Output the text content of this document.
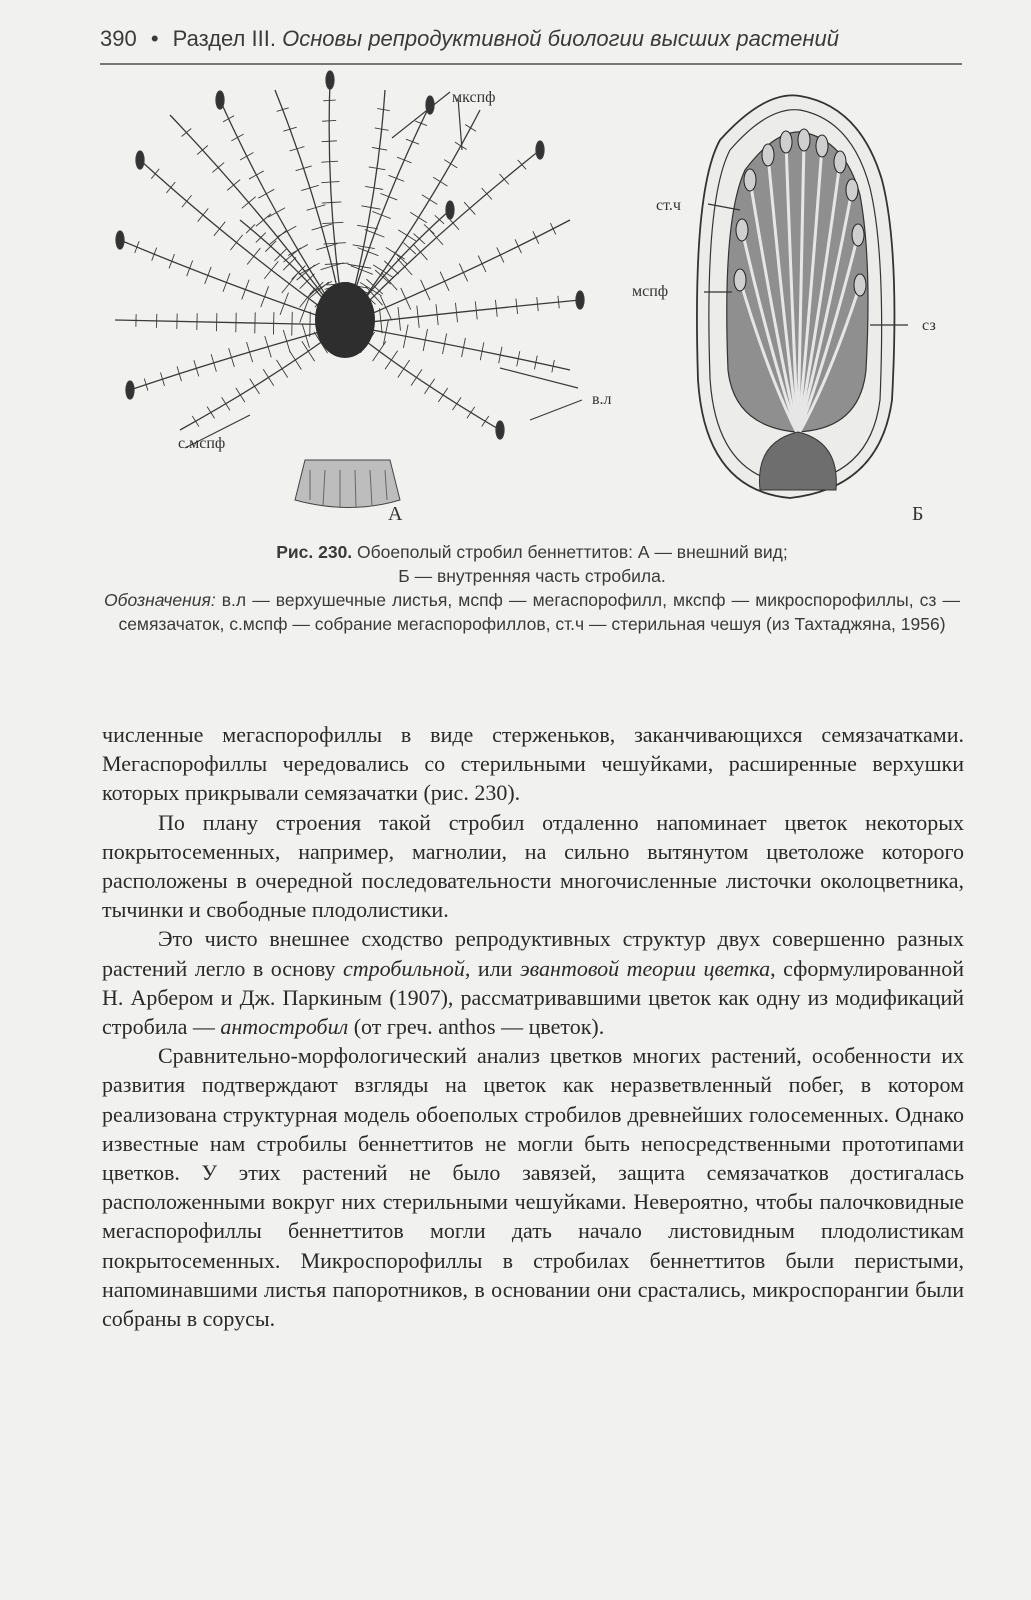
390 • Раздел III. Основы репродуктивной биологии высших растений
мкспф
в.л
с.мспф
А
ст.ч
мспф
сз
Б
Рис. 230. Обоеполый стробил беннеттитов: А — внешний вид;
Б — внутренняя часть стробила.
Обозначения: в.л — верхушечные листья, мспф — мегаспорофилл, мкспф — микроспорофиллы, сз — семязачаток, с.мспф — собрание мегаспорофиллов, ст.ч — стерильная чешуя (из Тахтаджяна, 1956)

численные мегаспорофиллы в виде стерженьков, заканчивающихся семязачатками. Мегаспорофиллы чередовались со стерильными чешуйками, расширенные верхушки которых прикрывали семязачатки (рис. 230).

По плану строения такой стробил отдаленно напоминает цветок некоторых покрытосеменных, например, магнолии, на сильно вытянутом цветоложе которого расположены в очередной последовательности многочисленные листочки околоцветника, тычинки и свободные плодолистики.

Это чисто внешнее сходство репродуктивных структур двух совершенно разных растений легло в основу стробильной, или эвантовой теории цветка, сформулированной Н. Арбером и Дж. Паркиным (1907), рассматривавшими цветок как одну из модификаций стробила — антостробил (от греч. anthos — цветок).

Сравнительно-морфологический анализ цветков многих растений, особенности их развития подтверждают взгляды на цветок как неразветвленный побег, в котором реализована структурная модель обоеполых стробилов древнейших голосеменных. Однако известные нам стробилы беннеттитов не могли быть непосредственными прототипами цветков. У этих растений не было завязей, защита семязачатков достигалась расположенными вокруг них стерильными чешуйками. Невероятно, чтобы палочковидные мегаспорофиллы беннеттитов могли дать начало листовидным плодолистикам покрытосеменных. Микроспорофиллы в стробилах беннеттитов были перистыми, напоминавшими листья папоротников, в основании они срастались, микроспорангии были собраны в сорусы.
